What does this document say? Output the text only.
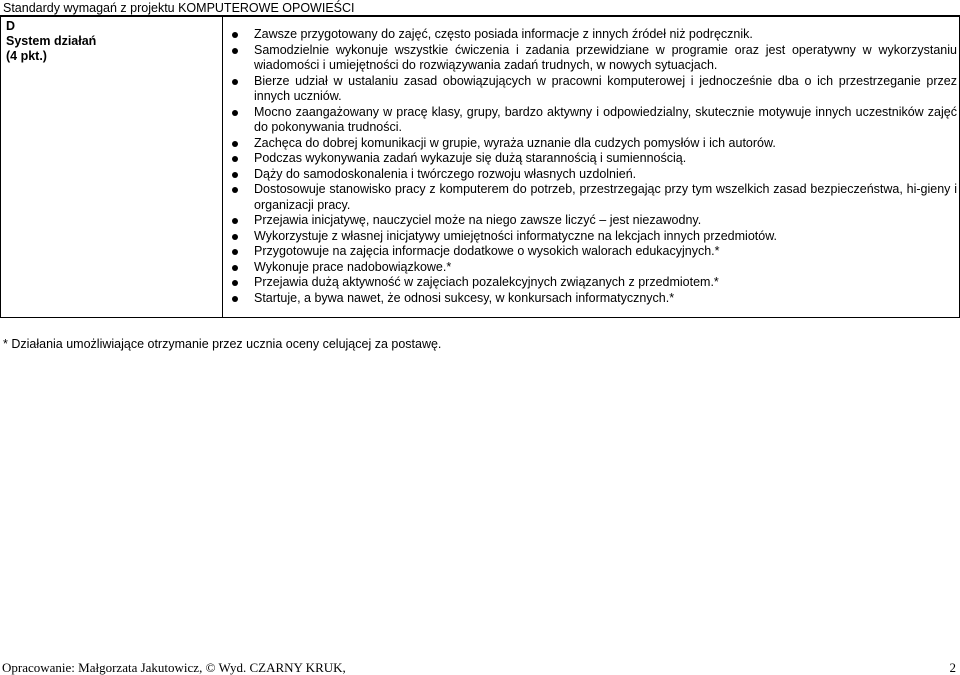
Standardy wymagań z projektu KOMPUTEROWE OPOWIEŚCI
D
System działań
(4 pkt.)
Zawsze przygotowany do zajęć, często posiada informacje z innych źródeł niż podręcznik.
Samodzielnie wykonuje wszystkie ćwiczenia i zadania przewidziane w programie oraz jest operatywny w wykorzystaniu wiadomości i umiejętności do rozwiązywania zadań trudnych, w nowych sytuacjach.
Bierze udział w ustalaniu zasad obowiązujących w pracowni komputerowej i jednocześnie dba o ich przestrzeganie przez innych uczniów.
Mocno zaangażowany w pracę klasy, grupy, bardzo aktywny i odpowiedzialny, skutecznie motywuje innych uczestników zajęć do pokonywania trudności.
Zachęca do dobrej komunikacji w grupie, wyraża uznanie dla cudzych pomysłów i ich autorów.
Podczas wykonywania zadań wykazuje się dużą starannością i sumiennością.
Dąży do samodoskonalenia i twórczego rozwoju własnych uzdolnień.
Dostosowuje stanowisko pracy z komputerem do potrzeb, przestrzegając przy tym wszelkich zasad bezpieczeństwa, hi-gieny i organizacji pracy.
Przejawia inicjatywę, nauczyciel może na niego zawsze liczyć – jest niezawodny.
Wykorzystuje z własnej inicjatywy umiejętności informatyczne na lekcjach innych przedmiotów.
Przygotowuje na zajęcia informacje dodatkowe o wysokich walorach edukacyjnych.*
Wykonuje prace nadobowiązkowe.*
Przejawia dużą aktywność w zajęciach pozalekcyjnych związanych z przedmiotem.*
Startuje, a bywa nawet, że odnosi sukcesy, w konkursach informatycznych.*
* Działania umożliwiające otrzymanie przez ucznia oceny celującej za postawę.
Opracowanie: Małgorzata Jakutowicz, © Wyd. CZARNY KRUK,	2
